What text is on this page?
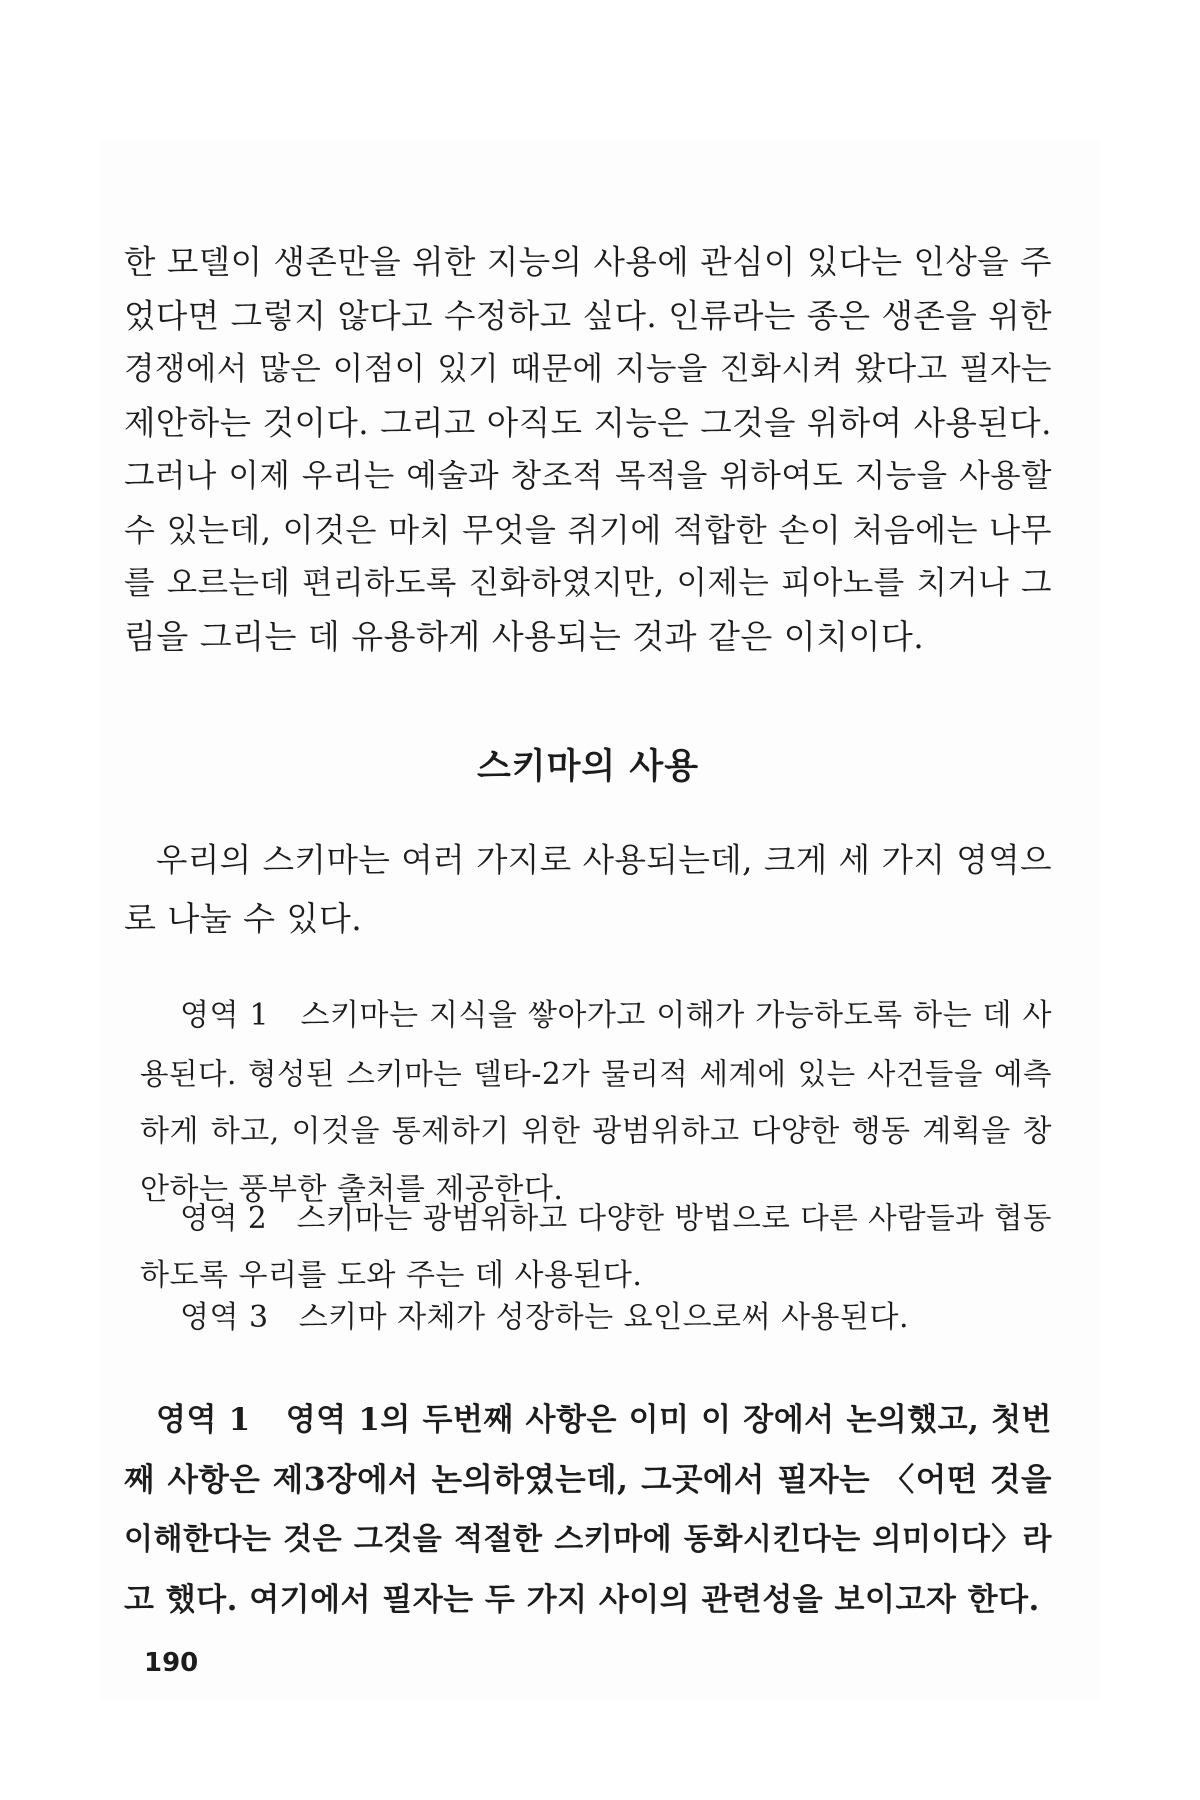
한 모델이 생존만을 위한 지능의 사용에 관심이 있다는 인상을 주
었다면 그렇지 않다고 수정하고 싶다. 인류라는 종은 생존을 위한
경쟁에서 많은 이점이 있기 때문에 지능을 진화시켜 왔다고 필자는
제안하는 것이다. 그리고 아직도 지능은 그것을 위하여 사용된다.
그러나 이제 우리는 예술과 창조적 목적을 위하여도 지능을 사용할
수 있는데, 이것은 마치 무엇을 쥐기에 적합한 손이 처음에는 나무
를 오르는데 편리하도록 진화하였지만, 이제는 피아노를 치거나 그
림을 그리는 데 유용하게 사용되는 것과 같은 이치이다.
스키마의 사용
우리의 스키마는 여러 가지로 사용되는데, 크게 세 가지 영역으
로 나눌 수 있다.
영역 1 스키마는 지식을 쌓아가고 이해가 가능하도록 하는 데 사
용된다. 형성된 스키마는 델타-2가 물리적 세계에 있는 사건들을 예측
하게 하고, 이것을 통제하기 위한 광범위하고 다양한 행동 계획을 창
안하는 풍부한 출처를 제공한다.
영역 2 스키마는 광범위하고 다양한 방법으로 다른 사람들과 협동
하도록 우리를 도와 주는 데 사용된다.
영역 3 스키마 자체가 성장하는 요인으로써 사용된다.
영역 1 영역 1의 두번째 사항은 이미 이 장에서 논의했고, 첫번
째 사항은 제3장에서 논의하였는데, 그곳에서 필자는 〈어떤 것을
이해한다는 것은 그것을 적절한 스키마에 동화시킨다는 의미이다〉라
고 했다. 여기에서 필자는 두 가지 사이의 관련성을 보이고자 한다.
190
